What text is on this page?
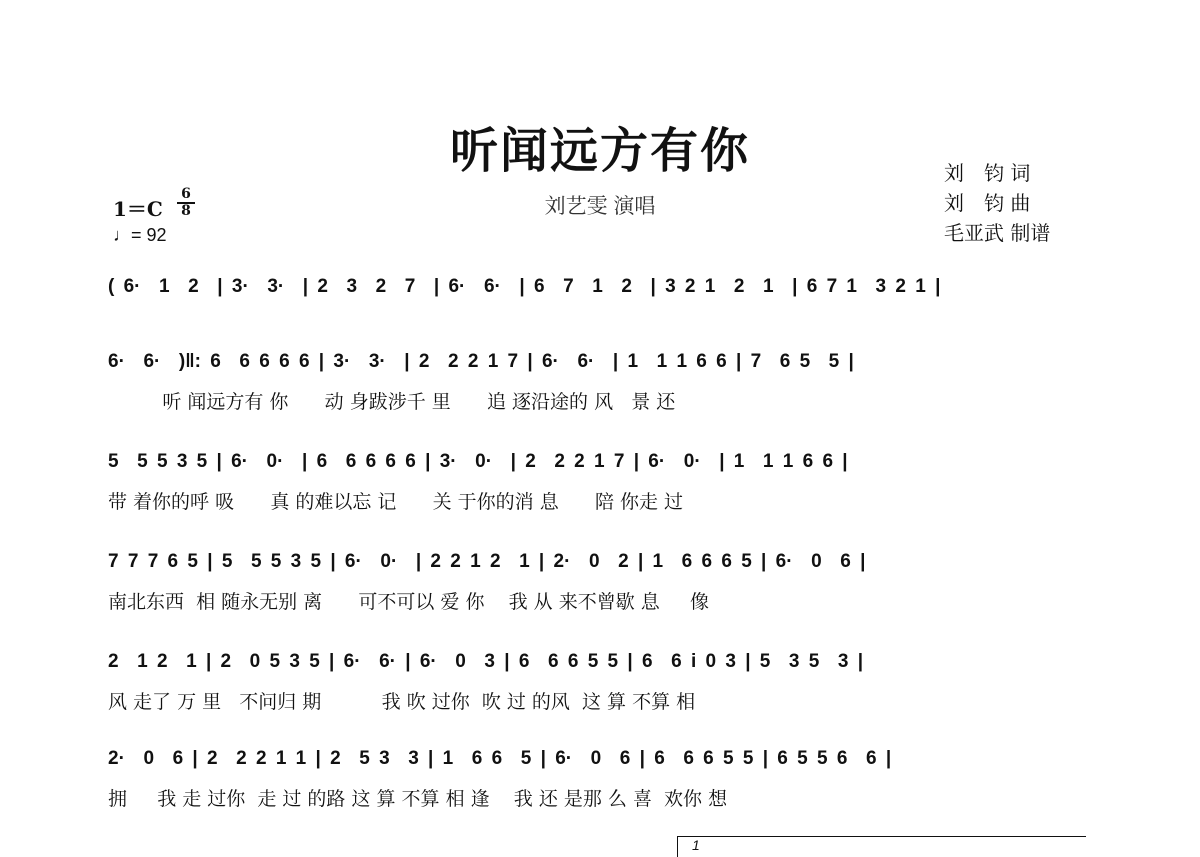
听闻远方有你
刘艺雯 演唱
刘　钧 词
刘　钧 曲
毛亚武 制谱
1＝C
6
8
♩= 92
( 6·  1  2  | 3·  3·  | 2  3  2  7  | 6·  6·  | 6  7  1  2  | 3 2 1  2  1  | 6 7 1  3 2 1 |
6·  6·  )‖: 6  6 6 6 6 | 3·  3·  | 2  2 2 1 7 | 6·  6·  | 1  1 1 6 6 | 7  6 5  5 |
听 闻远方有 你      动 身跋涉千 里      追 逐沿途的 风   景 还
5  5 5 3 5 | 6·  0·  | 6  6 6 6 6 | 3·  0·  | 2  2 2 1 7 | 6·  0·  | 1  1 1 6 6 |
带 着你的呼 吸      真 的难以忘 记      关 于你的消 息      陪 你走 过
7 7 7 6 5 | 5  5 5 3 5 | 6·  0·  | 2 2 1 2  1 | 2·  0  2 | 1  6 6 6 5 | 6·  0  6 |
南北东西  相 随永无别 离      可不可以 爱 你    我 从 来不曾歇 息     像
2  1 2  1 | 2  0 5 3 5 | 6·  6· | 6·  0  3 | 6  6 6 5 5 | 6  6 i 0 3 | 5  3 5  3 |
风 走了 万 里   不问归 期          我 吹 过你  吹 过 的风  这 算 不算 相
2·  0  6 | 2  2 2 1 1 | 2  5 3  3 | 1  6 6  5 | 6·  0  6 | 6  6 6 5 5 | 6 5 5 6  6 |
拥     我 走 过你  走 过 的路 这 算 不算 相 逢    我 还 是那 么 喜  欢你 想
1
